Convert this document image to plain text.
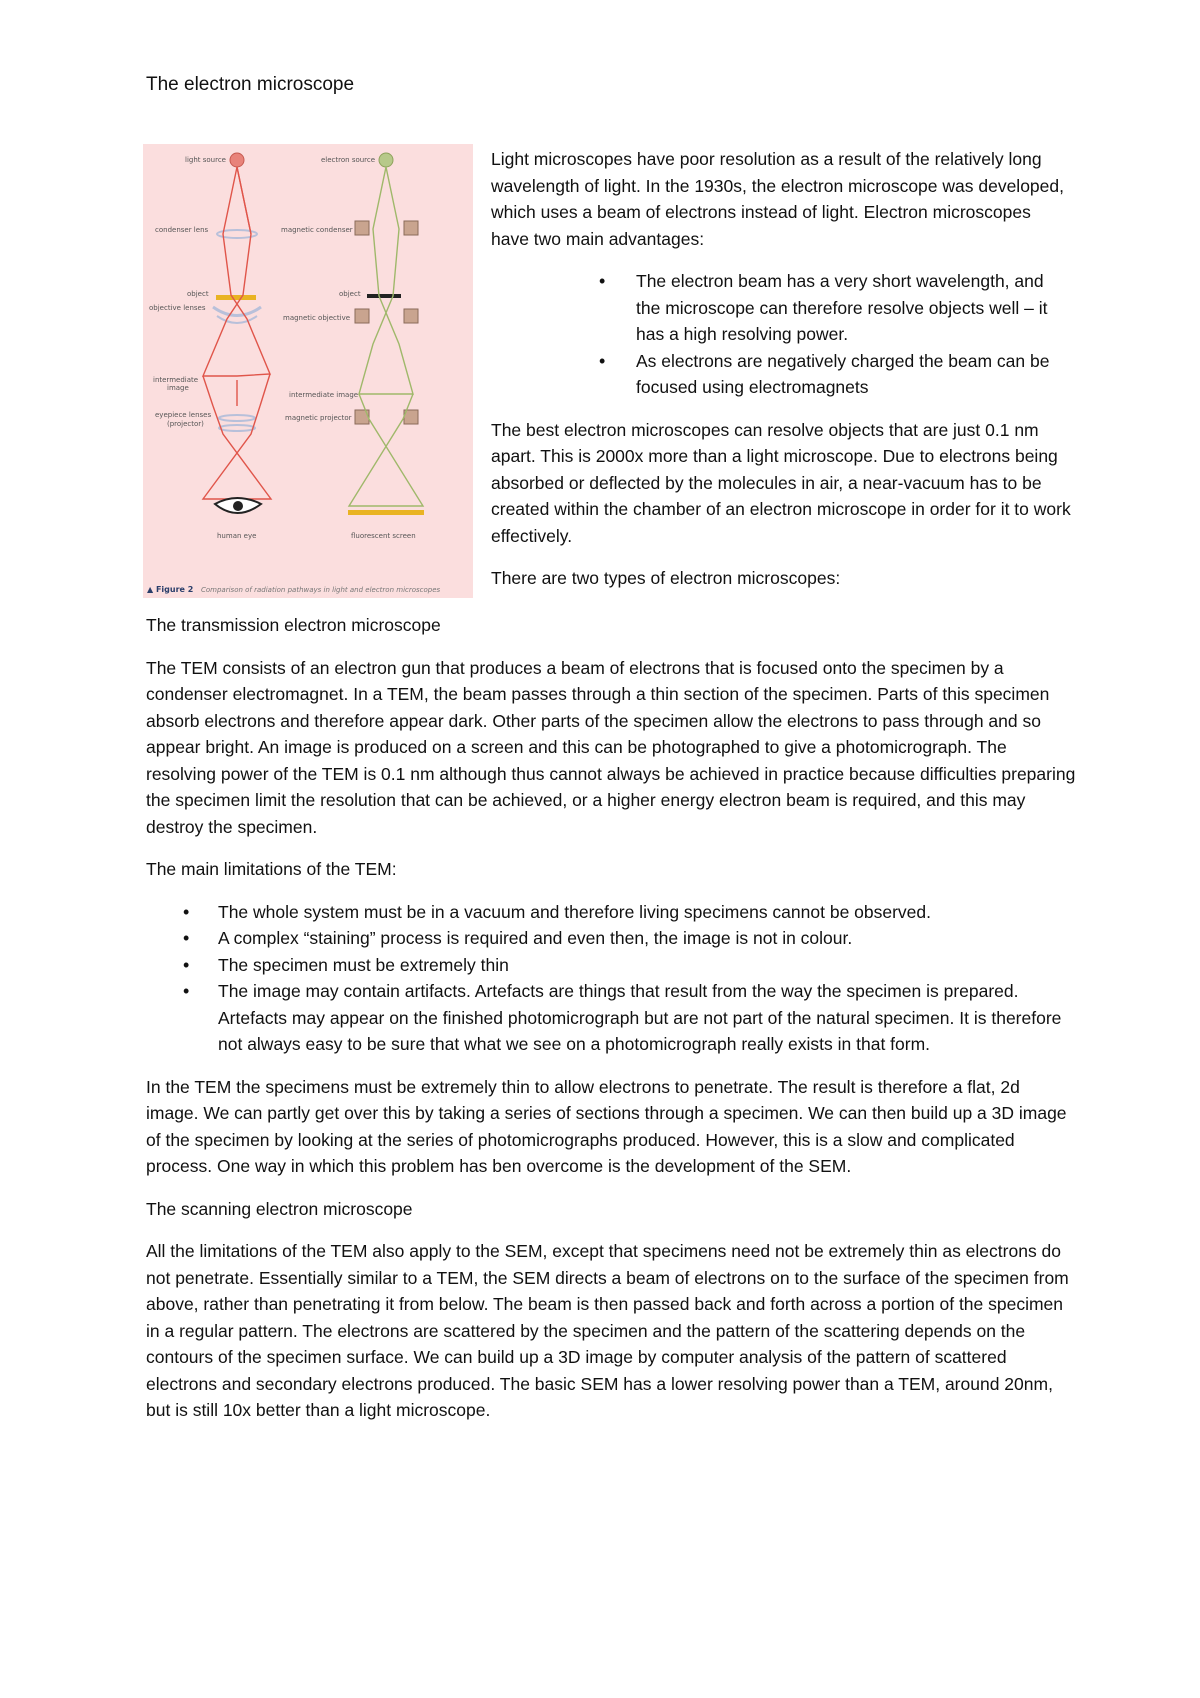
The electron microscope
light source	electron source
condenser lens	magnetic condenser
object	object
objective lenses
magnetic objective
intermediate
image
intermediate image
eyepiece lenses
(projector)
magnetic projector
human eye	fluorescent screen
▲ Figure 2 Comparison of radiation pathways in light and electron microscopes

Light microscopes have poor resolution as a result of the relatively long wavelength of light. In the 1930s, the electron microscope was developed, which uses a beam of electrons instead of light. Electron microscopes have two main advantages:

• The electron beam has a very short wavelength, and the microscope can therefore resolve objects well – it has a high resolving power.
• As electrons are negatively charged the beam can be focused using electromagnets

The best electron microscopes can resolve objects that are just 0.1 nm apart. This is 2000x more than a light microscope. Due to electrons being absorbed or deflected by the molecules in air, a near-vacuum has to be created within the chamber of an electron microscope in order for it to work effectively.

There are two types of electron microscopes:

The transmission electron microscope

The TEM consists of an electron gun that produces a beam of electrons that is focused onto the specimen by a condenser electromagnet. In a TEM, the beam passes through a thin section of the specimen. Parts of this specimen absorb electrons and therefore appear dark. Other parts of the specimen allow the electrons to pass through and so appear bright. An image is produced on a screen and this can be photographed to give a photomicrograph. The resolving power of the TEM is 0.1 nm although thus cannot always be achieved in practice because difficulties preparing the specimen limit the resolution that can be achieved, or a higher energy electron beam is required, and this may destroy the specimen.

The main limitations of the TEM:

• The whole system must be in a vacuum and therefore living specimens cannot be observed.
• A complex “staining” process is required and even then, the image is not in colour.
• The specimen must be extremely thin
• The image may contain artifacts. Artefacts are things that result from the way the specimen is prepared. Artefacts may appear on the finished photomicrograph but are not part of the natural specimen. It is therefore not always easy to be sure that what we see on a photomicrograph really exists in that form.

In the TEM the specimens must be extremely thin to allow electrons to penetrate. The result is therefore a flat, 2d image. We can partly get over this by taking a series of sections through a specimen. We can then build up a 3D image of the specimen by looking at the series of photomicrographs produced. However, this is a slow and complicated process. One way in which this problem has ben overcome is the development of the SEM.

The scanning electron microscope

All the limitations of the TEM also apply to the SEM, except that specimens need not be extremely thin as electrons do not penetrate. Essentially similar to a TEM, the SEM directs a beam of electrons on to the surface of the specimen from above, rather than penetrating it from below. The beam is then passed back and forth across a portion of the specimen in a regular pattern. The electrons are scattered by the specimen and the pattern of the scattering depends on the contours of the specimen surface. We can build up a 3D image by computer analysis of the pattern of scattered electrons and secondary electrons produced. The basic SEM has a lower resolving power than a TEM, around 20nm, but is still 10x better than a light microscope.
